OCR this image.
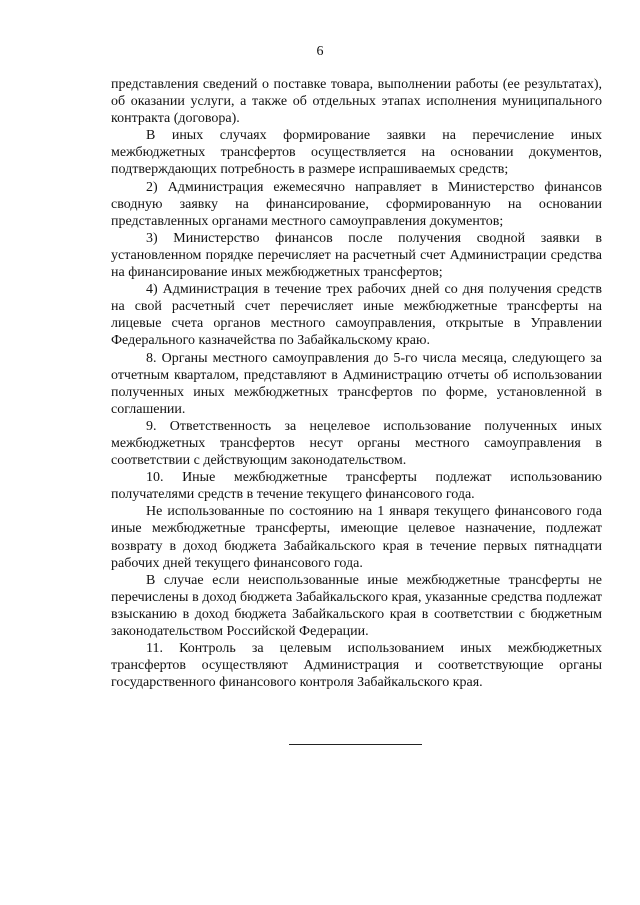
6

представления сведений о поставке товара, выполнении работы (ее результатах), об оказании услуги, а также об отдельных этапах исполнения муниципального контракта (договора).

В иных случаях формирование заявки на перечисление иных межбюджетных трансфертов осуществляется на основании документов, подтверждающих потребность в размере испрашиваемых средств;

2) Администрация ежемесячно направляет в Министерство финансов сводную заявку на финансирование, сформированную на основании представленных органами местного самоуправления документов;

3) Министерство финансов после получения сводной заявки в установленном порядке перечисляет на расчетный счет Администрации средства на финансирование иных межбюджетных трансфертов;

4) Администрация в течение трех рабочих дней со дня получения средств на свой расчетный счет перечисляет иные межбюджетные трансферты на лицевые счета органов местного самоуправления, открытые в Управлении Федерального казначейства по Забайкальскому краю.

8. Органы местного самоуправления до 5-го числа месяца, следующего за отчетным кварталом, представляют в Администрацию отчеты об использовании полученных иных межбюджетных трансфертов по форме, установленной в соглашении.

9. Ответственность за нецелевое использование полученных иных межбюджетных трансфертов несут органы местного самоуправления в соответствии с действующим законодательством.

10. Иные межбюджетные трансферты подлежат использованию получателями средств в течение текущего финансового года.

Не использованные по состоянию на 1 января текущего финансового года иные межбюджетные трансферты, имеющие целевое назначение, подлежат возврату в доход бюджета Забайкальского края в течение первых пятнадцати рабочих дней текущего финансового года.

В случае если неиспользованные иные межбюджетные трансферты не перечислены в доход бюджета Забайкальского края, указанные средства подлежат взысканию в доход бюджета Забайкальского края в соответствии с бюджетным законодательством Российской Федерации.

11. Контроль за целевым использованием иных межбюджетных трансфертов осуществляют Администрация и соответствующие органы государственного финансового контроля Забайкальского края.
